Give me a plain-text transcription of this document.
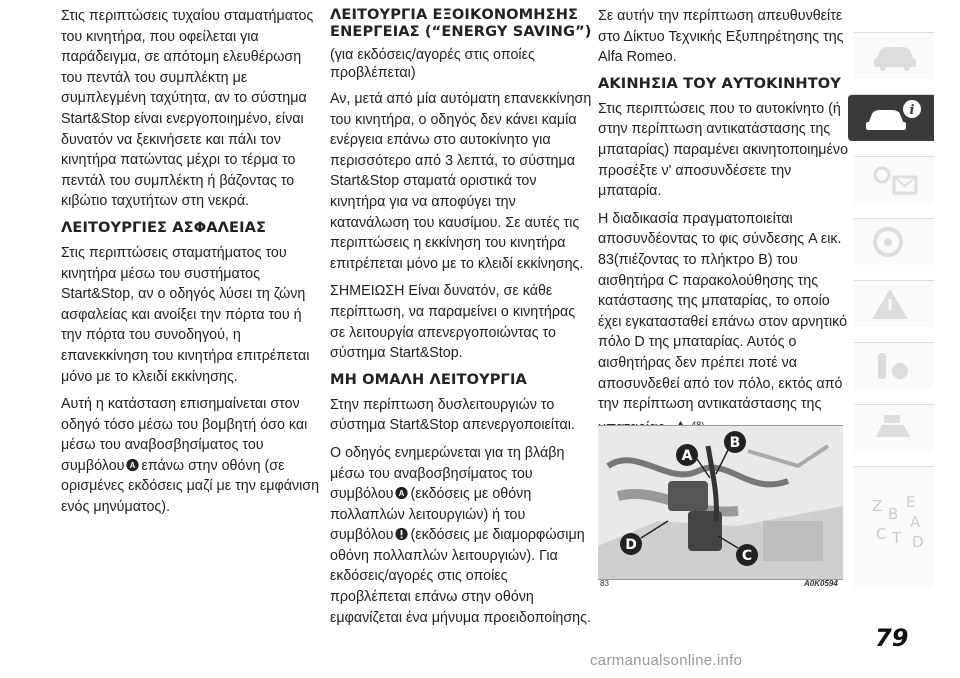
Στις περιπτώσεις τυχαίου σταματήματος του κινητήρα, που οφείλεται για παράδειγμα, σε απότομη ελευθέρωση του πεντάλ του συμπλέκτη με συμπλεγμένη ταχύτητα, αν το σύστημα Start&Stop είναι ενεργοποιημένο, είναι δυνατόν να ξεκινήσετε και πάλι τον κινητήρα πατώντας μέχρι το τέρμα το πεντάλ του συμπλέκτη ή βάζοντας το κιβώτιο ταχυτήτων στη νεκρά.

ΛΕΙΤΟΥΡΓΙΕΣ ΑΣΦΑΛΕΙΑΣ

Στις περιπτώσεις σταματήματος του κινητήρα μέσω του συστήματος Start&Stop, αν ο οδηγός λύσει τη ζώνη ασφαλείας και ανοίξει την πόρτα του ή την πόρτα του συνοδηγού, η επανεκκίνηση του κινητήρα επιτρέπεται μόνο με το κλειδί εκκίνησης.

Αυτή η κατάσταση επισημαίνεται στον οδηγό τόσο μέσω του βομβητή όσο και μέσω του αναβοσβησίματος του συμβόλου A επάνω στην οθόνη (σε ορισμένες εκδόσεις μαζί με την εμφάνιση ενός μηνύματος).

ΛΕΙΤΟΥΡΓΙΑ ΕΞΟΙΚΟΝΟΜΗΣΗΣ ΕΝΕΡΓΕΙΑΣ (“ENERGY SAVING”)
(για εκδόσεις/αγορές στις οποίες προβλέπεται)

Αν, μετά από μία αυτόματη επανεκκίνηση του κινητήρα, ο οδηγός δεν κάνει καμία ενέργεια επάνω στο αυτοκίνητο για περισσότερο από 3 λεπτά, το σύστημα Start&Stop σταματά οριστικά τον κινητήρα για να αποφύγει την κατανάλωση του καυσίμου. Σε αυτές τις περιπτώσεις η εκκίνηση του κινητήρα επιτρέπεται μόνο με το κλειδί εκκίνησης.

ΣΗΜΕΙΩΣΗ Είναι δυνατόν, σε κάθε περίπτωση, να παραμείνει ο κινητήρας σε λειτουργία απενεργοποιώντας το σύστημα Start&Stop.

ΜΗ ΟΜΑΛΗ ΛΕΙΤΟΥΡΓΙΑ

Στην περίπτωση δυσλειτουργιών το σύστημα Start&Stop απενεργοποιείται.

Ο οδηγός ενημερώνεται για τη βλάβη μέσω του αναβοσβησίματος του συμβόλου A (εκδόσεις με οθόνη πολλαπλών λειτουργιών) ή του συμβόλου (εκδόσεις με διαμορφώσιμη οθόνη πολλαπλών λειτουργιών). Για εκδόσεις/αγορές στις οποίες προβλέπεται επάνω στην οθόνη εμφανίζεται ένα μήνυμα προειδοποίησης.

Σε αυτήν την περίπτωση απευθυνθείτε στο Δίκτυο Τεχνικής Εξυπηρέτησης της Alfa Romeo.

ΑΚΙΝΗΣΙΑ ΤΟΥ ΑΥΤΟΚΙΝΗΤΟΥ

Στις περιπτώσεις που το αυτοκίνητο (ή στην περίπτωση αντικατάστασης της μπαταρίας) παραμένει ακινητοποιημένο προσέξτε ν' αποσυνδέσετε την μπαταρία.

Η διαδικασία πραγματοποιείται αποσυνδέοντας το φις σύνδεσης A εικ. 83(πιέζοντας το πλήκτρο B) του αισθητήρα C παρακολούθησης της κατάστασης της μπαταρίας, το οποίο έχει εγκατασταθεί επάνω στον αρνητικό πόλο D της μπαταρίας. Αυτός ο αισθητήρας δεν πρέπει ποτέ να αποσυνδεθεί από τον πόλο, εκτός από την περίπτωση αντικατάστασης της

A
B
C
D
83	A0K0594
i
Z B
E
A
C T D
79
carmanualsonline.info
